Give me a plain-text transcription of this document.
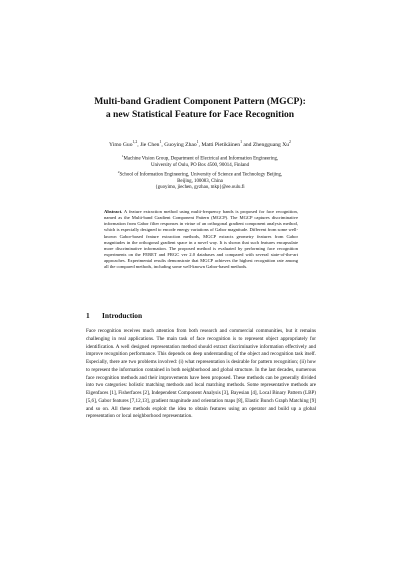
Multi-band Gradient Component Pattern (MGCP):
a new Statistical Feature for Face Recognition
Yimo Guo$^{1,2}$, Jie Chen$^1$, Guoying Zhao$^1$, Matti Pietikäinen$^1$ and Zhengguang Xu$^2$
$^1$Machine Vision Group, Department of Electrical and Information Engineering,
University of Oulu, PO Box 4500, 90014, Finland
$^2$School of Information Engineering, University of Science and Technology Beijing,
Beijing, 100083, China
{guoyimo, jiechen, gyzhao, mkp}@ee.oulu.fi
Abstract. A feature extraction method using multi-frequency bands is proposed for face recognition, named as the Multi-band Gradient Component Pattern (MGCP). The MGCP captures discriminative information from Gabor filter responses in virtue of an orthogonal gradient component analysis method, which is especially designed to encode energy variations of Gabor magnitude. Different from some well-known Gabor-based feature extraction methods, MGCP extracts geometry features from Gabor magnitudes in the orthogonal gradient space in a novel way. It is shown that such features encapsulate more discriminative information. The proposed method is evaluated by performing face recognition experiments on the FERET and FRGC ver 2.0 databases and compared with several state-of-the-art approaches. Experimental results demonstrate that MGCP achieves the highest recognition rate among all the compared methods, including some well-known Gabor-based methods.
1 Introduction
Face recognition receives much attention from both research and commercial communities, but it remains challenging in real applications. The main task of face recognition is to represent object appropriately for identification. A well designed representation method should extract discriminative information effectively and improve recognition performance. This depends on deep understanding of the object and recognition task itself. Especially, there are two problems involved: (i) what representation is desirable for pattern recognition; (ii) how to represent the information contained in both neighborhood and global structure. In the last decades, numerous face recognition methods and their improvements have been proposed. These methods can be generally divided into two categories: holistic matching methods and local matching methods. Some representative methods are Eigenfaces [1], Fisherfaces [2], Independent Component Analysis [3], Bayesian [4], Local Binary Pattern (LBP) [5,6], Gabor features [7,12,13], gradient magnitude and orientation maps [8], Elastic Bunch Graph Matching [9] and so on. All these methods exploit the idea to obtain features using an operator and build up a global representation or local neighborhood representation.
